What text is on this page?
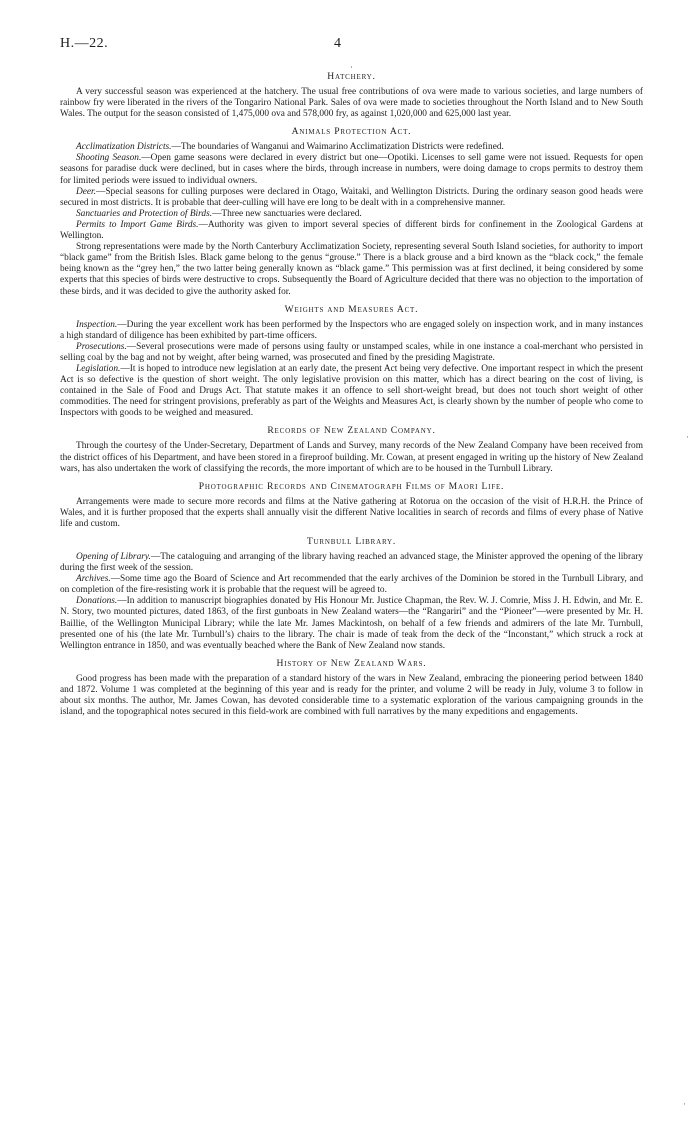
H.—22.	4
·
·
·
Hatchery.

A very successful season was experienced at the hatchery. The usual free contributions of ova were made to various societies, and large numbers of rainbow fry were liberated in the rivers of the Tongariro National Park. Sales of ova were made to societies throughout the North Island and to New South Wales. The output for the season consisted of 1,475,000 ova and 578,000 fry, as against 1,020,000 and 625,000 last year.

Animals Protection Act.

Acclimatization Districts.—The boundaries of Wanganui and Waimarino Acclimatization Districts were redefined.

Shooting Season.—Open game seasons were declared in every district but one—Opotiki. Licenses to sell game were not issued. Requests for open seasons for paradise duck were declined, but in cases where the birds, through increase in numbers, were doing damage to crops permits to destroy them for limited periods were issued to individual owners.

Deer.—Special seasons for culling purposes were declared in Otago, Waitaki, and Wellington Districts. During the ordinary season good heads were secured in most districts. It is probable that deer-culling will have ere long to be dealt with in a comprehensive manner.

Sanctuaries and Protection of Birds.—Three new sanctuaries were declared.

Permits to Import Game Birds.—Authority was given to import several species of different birds for confinement in the Zoological Gardens at Wellington.

Strong representations were made by the North Canterbury Acclimatization Society, representing several South Island societies, for authority to import “black game” from the British Isles. Black game belong to the genus “grouse.” There is a black grouse and a bird known as the “black cock,” the female being known as the “grey hen,” the two latter being generally known as “black game.” This permission was at first declined, it being considered by some experts that this species of birds were destructive to crops. Subsequently the Board of Agriculture decided that there was no objection to the importation of these birds, and it was decided to give the authority asked for.

Weights and Measures Act.

Inspection.—During the year excellent work has been performed by the Inspectors who are engaged solely on inspection work, and in many instances a high standard of diligence has been exhibited by part-time officers.

Prosecutions.—Several prosecutions were made of persons using faulty or unstamped scales, while in one instance a coal-merchant who persisted in selling coal by the bag and not by weight, after being warned, was prosecuted and fined by the presiding Magistrate.

Legislation.—It is hoped to introduce new legislation at an early date, the present Act being very defective. One important respect in which the present Act is so defective is the question of short weight. The only legislative provision on this matter, which has a direct bearing on the cost of living, is contained in the Sale of Food and Drugs Act. That statute makes it an offence to sell short-weight bread, but does not touch short weight of other commodities. The need for stringent provisions, preferably as part of the Weights and Measures Act, is clearly shown by the number of people who come to Inspectors with goods to be weighed and measured.

Records of New Zealand Company.

Through the courtesy of the Under-Secretary, Department of Lands and Survey, many records of the New Zealand Company have been received from the district offices of his Department, and have been stored in a fireproof building. Mr. Cowan, at present engaged in writing up the history of New Zealand wars, has also undertaken the work of classifying the records, the more important of which are to be housed in the Turnbull Library.

Photographic Records and Cinematograph Films of Maori Life.

Arrangements were made to secure more records and films at the Native gathering at Rotorua on the occasion of the visit of H.R.H. the Prince of Wales, and it is further proposed that the experts shall annually visit the different Native localities in search of records and films of every phase of Native life and custom.

Turnbull Library.

Opening of Library.—The cataloguing and arranging of the library having reached an advanced stage, the Minister approved the opening of the library during the first week of the session.

Archives.—Some time ago the Board of Science and Art recommended that the early archives of the Dominion be stored in the Turnbull Library, and on completion of the fire-resisting work it is probable that the request will be agreed to.

Donations.—In addition to manuscript biographies donated by His Honour Mr. Justice Chapman, the Rev. W. J. Comrie, Miss J. H. Edwin, and Mr. E. N. Story, two mounted pictures, dated 1863, of the first gunboats in New Zealand waters—the “Rangariri” and the “Pioneer”—were presented by Mr. H. Baillie, of the Wellington Municipal Library; while the late Mr. James Mackintosh, on behalf of a few friends and admirers of the late Mr. Turnbull, presented one of his (the late Mr. Turnbull’s) chairs to the library. The chair is made of teak from the deck of the “Inconstant,” which struck a rock at Wellington entrance in 1850, and was eventually beached where the Bank of New Zealand now stands.

History of New Zealand Wars.

Good progress has been made with the preparation of a standard history of the wars in New Zealand, embracing the pioneering period between 1840 and 1872. Volume 1 was completed at the beginning of this year and is ready for the printer, and volume 2 will be ready in July, volume 3 to follow in about six months. The author, Mr. James Cowan, has devoted considerable time to a systematic exploration of the various campaigning grounds in the island, and the topographical notes secured in this field-work are combined with full narratives by the many expeditions and engagements.
